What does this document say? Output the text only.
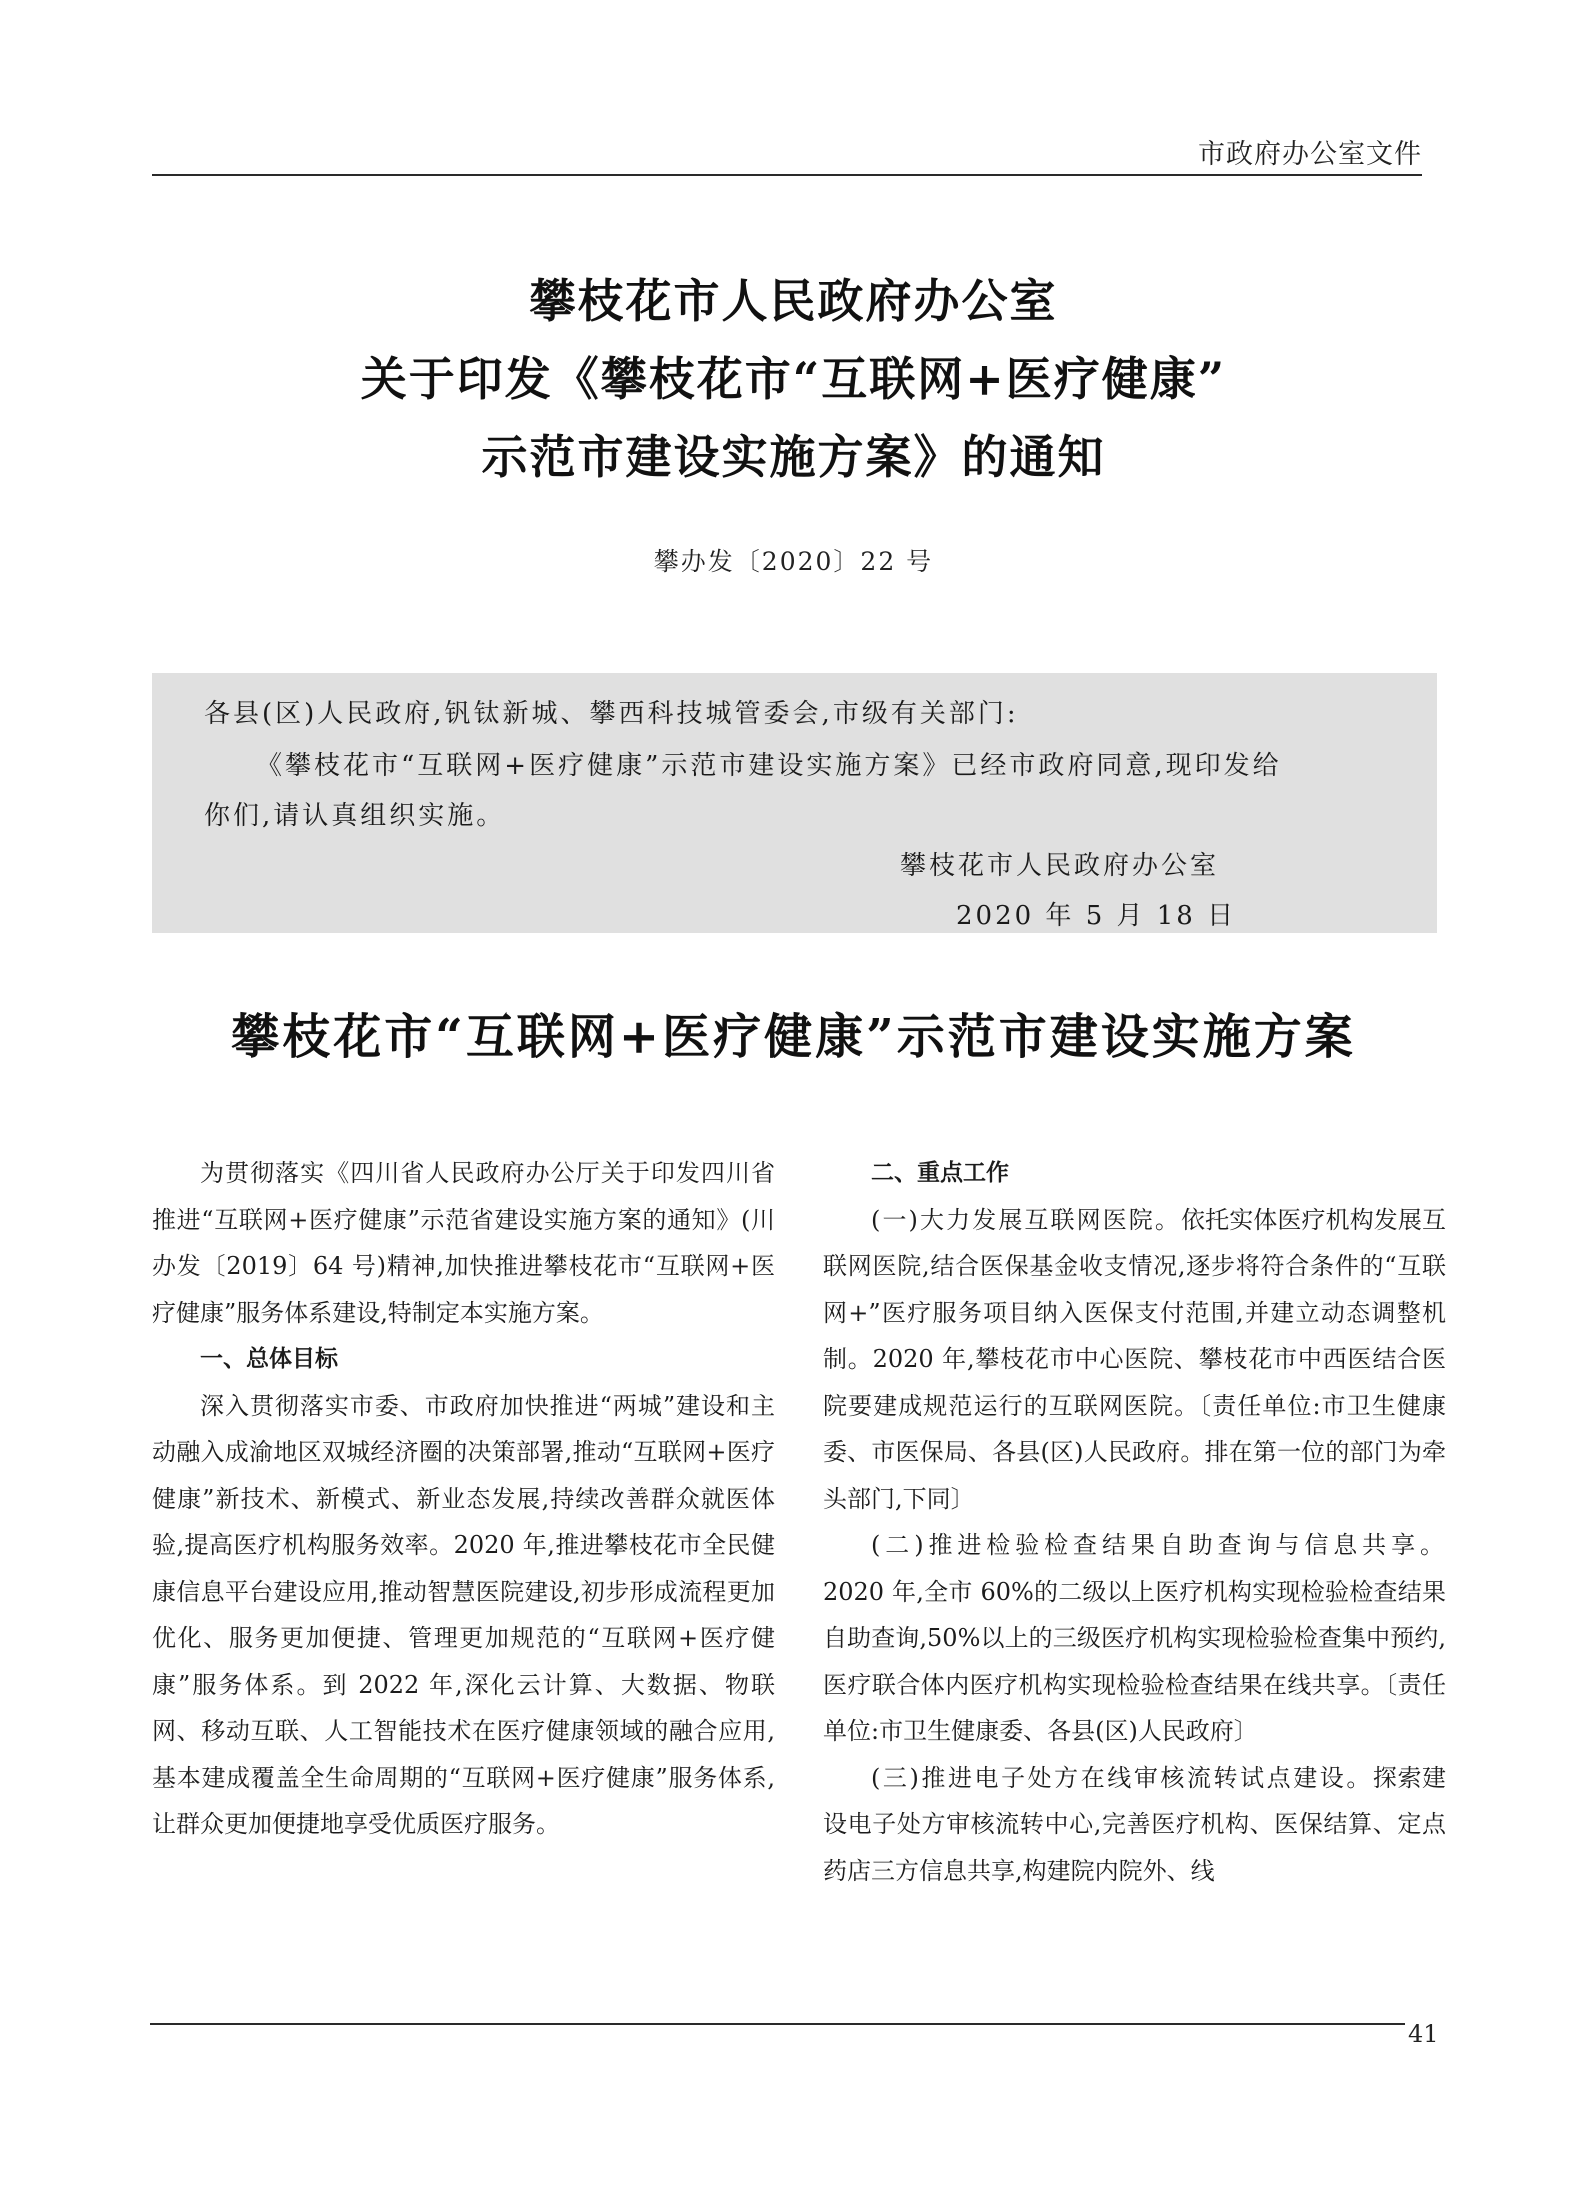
市政府办公室文件
攀枝花市人民政府办公室
关于印发《攀枝花市“互联网+医疗健康”
示范市建设实施方案》的通知
攀办发〔2020〕22 号
各县(区)人民政府,钒钛新城、攀西科技城管委会,市级有关部门:
《攀枝花市“互联网+医疗健康”示范市建设实施方案》已经市政府同意,现印发给
你们,请认真组织实施。
攀枝花市人民政府办公室
2020 年 5 月 18 日
攀枝花市“互联网+医疗健康”示范市建设实施方案

为贯彻落实《四川省人民政府办公厅关于印发四川省推进“互联网+医疗健康”示范省建设实施方案的通知》(川办发〔2019〕64 号)精神,加快推进攀枝花市“互联网+医疗健康”服务体系建设,特制定本实施方案。

一、总体目标

深入贯彻落实市委、市政府加快推进“两城”建设和主动融入成渝地区双城经济圈的决策部署,推动“互联网+医疗健康”新技术、新模式、新业态发展,持续改善群众就医体验,提高医疗机构服务效率。2020 年,推进攀枝花市全民健康信息平台建设应用,推动智慧医院建设,初步形成流程更加优化、服务更加便捷、管理更加规范的“互联网+医疗健康”服务体系。到 2022 年,深化云计算、大数据、物联网、移动互联、人工智能技术在医疗健康领域的融合应用,基本建成覆盖全生命周期的“互联网+医疗健康”服务体系,让群众更加便捷地享受优质医疗服务。

二、重点工作

(一)大力发展互联网医院。依托实体医疗机构发展互联网医院,结合医保基金收支情况,逐步将符合条件的“互联网+”医疗服务项目纳入医保支付范围,并建立动态调整机制。2020 年,攀枝花市中心医院、攀枝花市中西医结合医院要建成规范运行的互联网医院。〔责任单位:市卫生健康委、市医保局、各县(区)人民政府。排在第一位的部门为牵头部门,下同〕

(二)推进检验检查结果自助查询与信息共享。2020 年,全市 60%的二级以上医疗机构实现检验检查结果自助查询,50%以上的三级医疗机构实现检验检查集中预约,医疗联合体内医疗机构实现检验检查结果在线共享。〔责任单位:市卫生健康委、各县(区)人民政府〕

(三)推进电子处方在线审核流转试点建设。探索建设电子处方审核流转中心,完善医疗机构、医保结算、定点药店三方信息共享,构建院内院外、线

41
